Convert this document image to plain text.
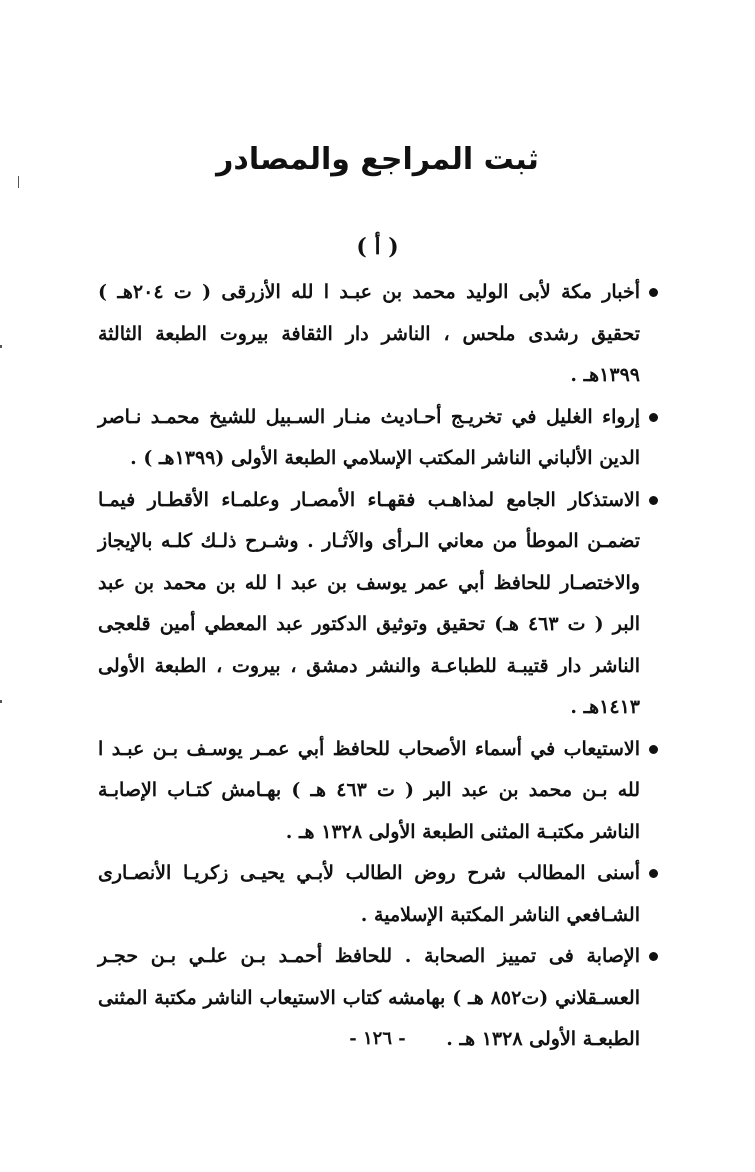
ثبت المراجع والمصادر
( أ )
أخبار مكة لأبى الوليد محمد بن عبـد ا لله الأزرقى ( ت ٢٠٤هـ ) تحقيق رشدى ملحس ، الناشر دار الثقافة بيروت الطبعة الثالثة ١٣٩٩هـ .
إرواء الغليل في تخريـج أحـاديث منـار السـبيل للشيخ محمـد نـاصر الدين الألباني الناشر المكتب الإسلامي الطبعة الأولى (١٣٩٩هـ ) .
الاستذكار الجامع لمذاهـب فقهـاء الأمصـار وعلمـاء الأقطـار فيمـا تضمـن الموطأ من معاني الـرأى والآثـار . وشـرح ذلـك كلـه بالإيجاز والاختصـار للحافظ أبي عمر يوسف بن عبد ا لله بن محمد بن عبد البر ( ت ٤٦٣ هـ) تحقيق وتوثيق الدكتور عبد المعطي أمين قلعجى الناشر دار قتيبـة للطباعـة والنشر دمشق ، بيروت ، الطبعة الأولى ١٤١٣هـ .
الاستيعاب في أسماء الأصحاب للحافظ أبي عمـر يوسـف بـن عبـد ا لله بـن محمد بن عبد البر ( ت ٤٦٣ هـ ) بهـامش كتـاب الإصابـة الناشر مكتبـة المثنى الطبعة الأولى ١٣٢٨ هـ .
أسنى المطالب شرح روض الطالب لأبـي يحيـى زكريـا الأنصـارى الشـافعي الناشر المكتبة الإسلامية .
الإصابة فى تمييز الصحابة . للحافظ أحمـد بـن علـي بـن حجـر العسـقلاني (ت٨٥٢ هـ ) بهامشه كتاب الاستيعاب الناشر مكتبة المثنى الطبعـة الأولى ١٣٢٨ هـ .
- ١٢٦ -
